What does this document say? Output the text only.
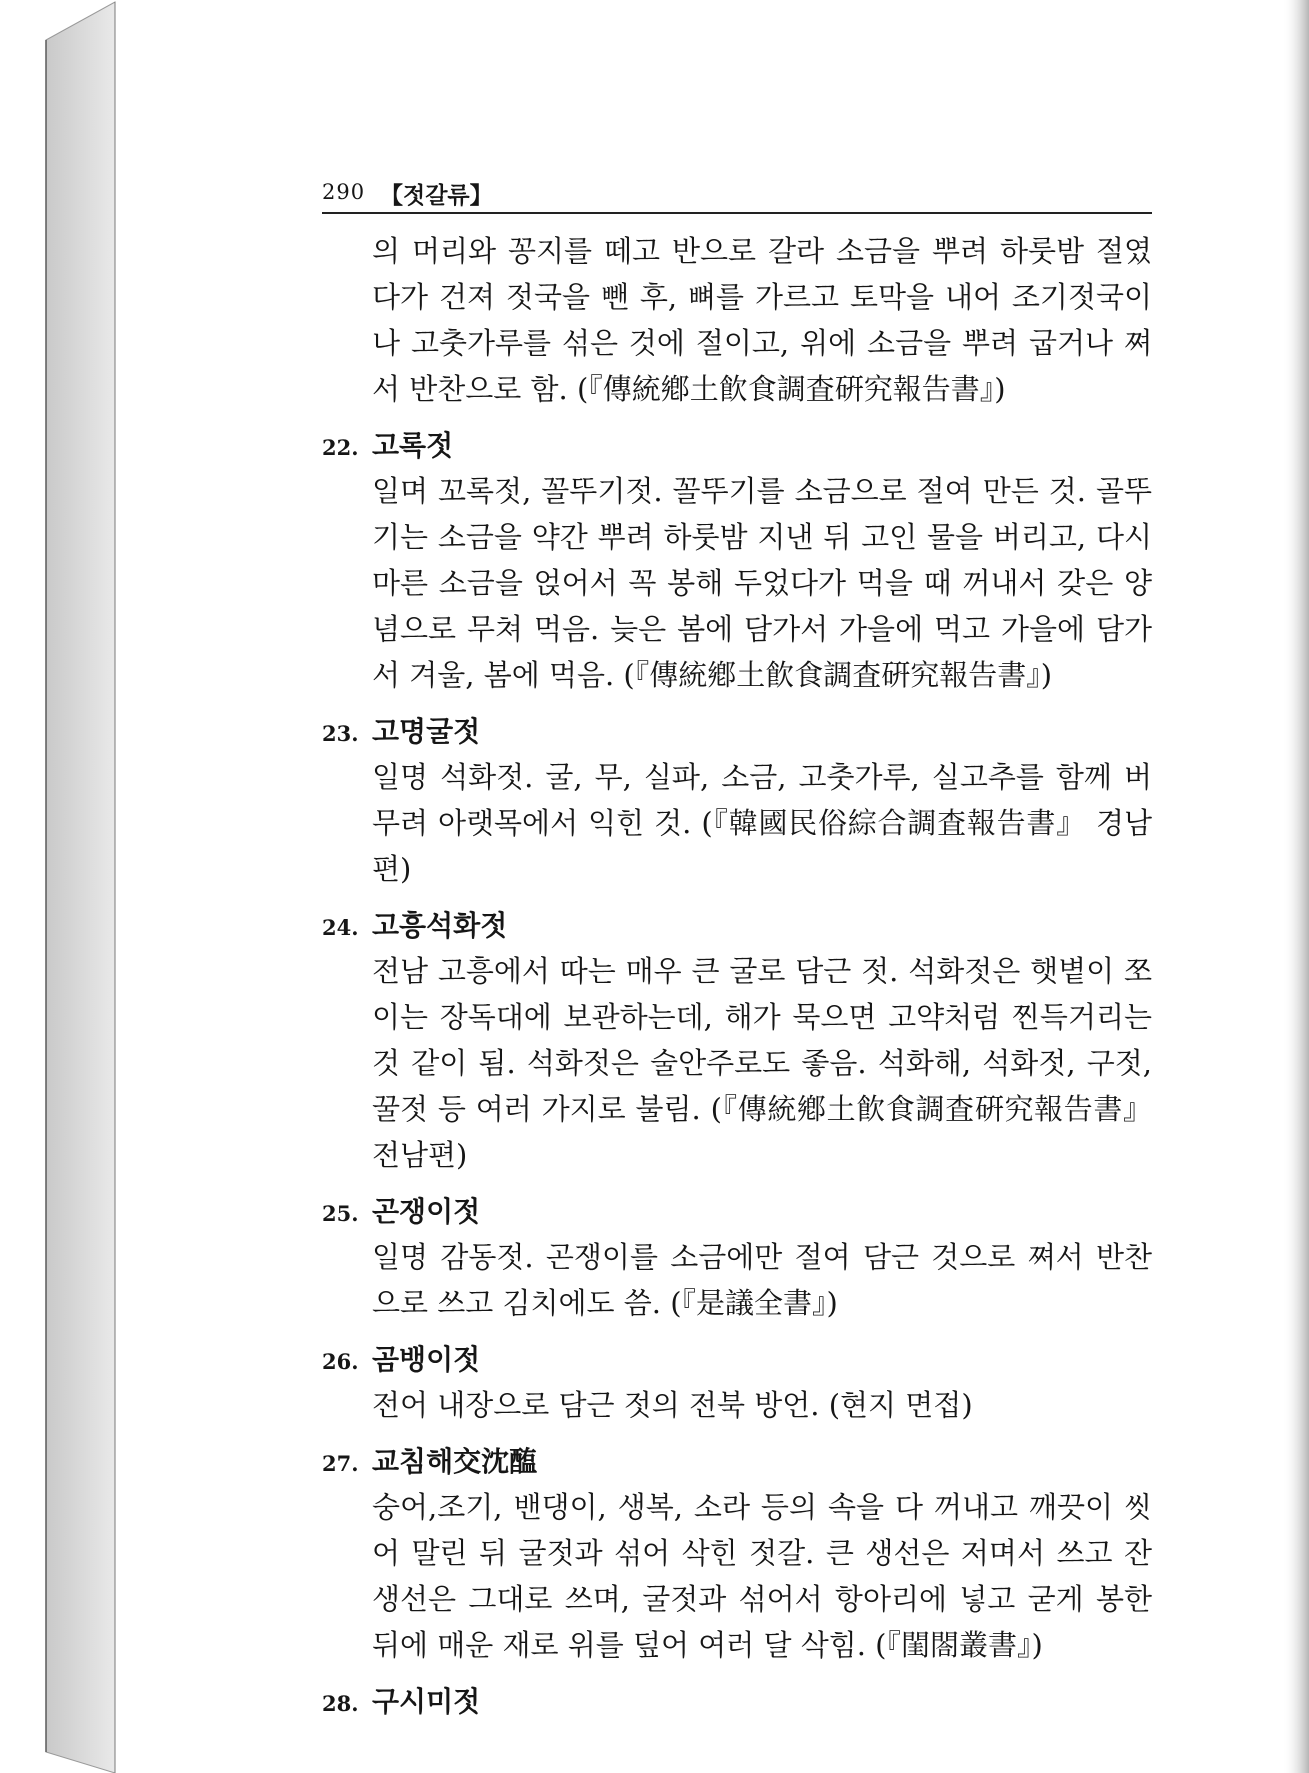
290 【젓갈류】

의 머리와 꽁지를 떼고 반으로 갈라 소금을 뿌려 하룻밤 절였다가 건져 젓국을 뺀 후, 뼈를 가르고 토막을 내어 조기젓국이나 고춧가루를 섞은 것에 절이고, 위에 소금을 뿌려 굽거나 쪄서 반찬으로 함. (『傳統鄕土飮食調査硏究報告書』)

22. 고록젓

일며 꼬록젓, 꼴뚜기젓. 꼴뚜기를 소금으로 절여 만든 것. 골뚜기는 소금을 약간 뿌려 하룻밤 지낸 뒤 고인 물을 버리고, 다시 마른 소금을 얹어서 꼭 봉해 두었다가 먹을 때 꺼내서 갖은 양념으로 무쳐 먹음. 늦은 봄에 담가서 가을에 먹고 가을에 담가서 겨울, 봄에 먹음. (『傳統鄕土飮食調査硏究報告書』)

23. 고명굴젓

일명 석화젓. 굴, 무, 실파, 소금, 고춧가루, 실고추를 함께 버무려 아랫목에서 익힌 것. (『韓國民俗綜合調査報告書』 경남편)

24. 고흥석화젓

전남 고흥에서 따는 매우 큰 굴로 담근 젓. 석화젓은 햇볕이 쪼이는 장독대에 보관하는데, 해가 묵으면 고약처럼 찐득거리는 것 같이 됨. 석화젓은 술안주로도 좋음. 석화해, 석화젓, 구젓, 꿀젓 등 여러 가지로 불림. (『傳統鄕土飮食調査硏究報告書』 전남편)

25. 곤쟁이젓

일명 감동젓. 곤쟁이를 소금에만 절여 담근 것으로 쪄서 반찬으로 쓰고 김치에도 씀. (『是議全書』)

26. 곰뱅이젓

전어 내장으로 담근 젓의 전북 방언. (현지 면접)

27. 교침해交沈醢

숭어,조기, 밴댕이, 생복, 소라 등의 속을 다 꺼내고 깨끗이 씻어 말린 뒤 굴젓과 섞어 삭힌 젓갈. 큰 생선은 저며서 쓰고 잔 생선은 그대로 쓰며, 굴젓과 섞어서 항아리에 넣고 굳게 봉한 뒤에 매운 재로 위를 덮어 여러 달 삭힘. (『閨閤叢書』)

28. 구시미젓
